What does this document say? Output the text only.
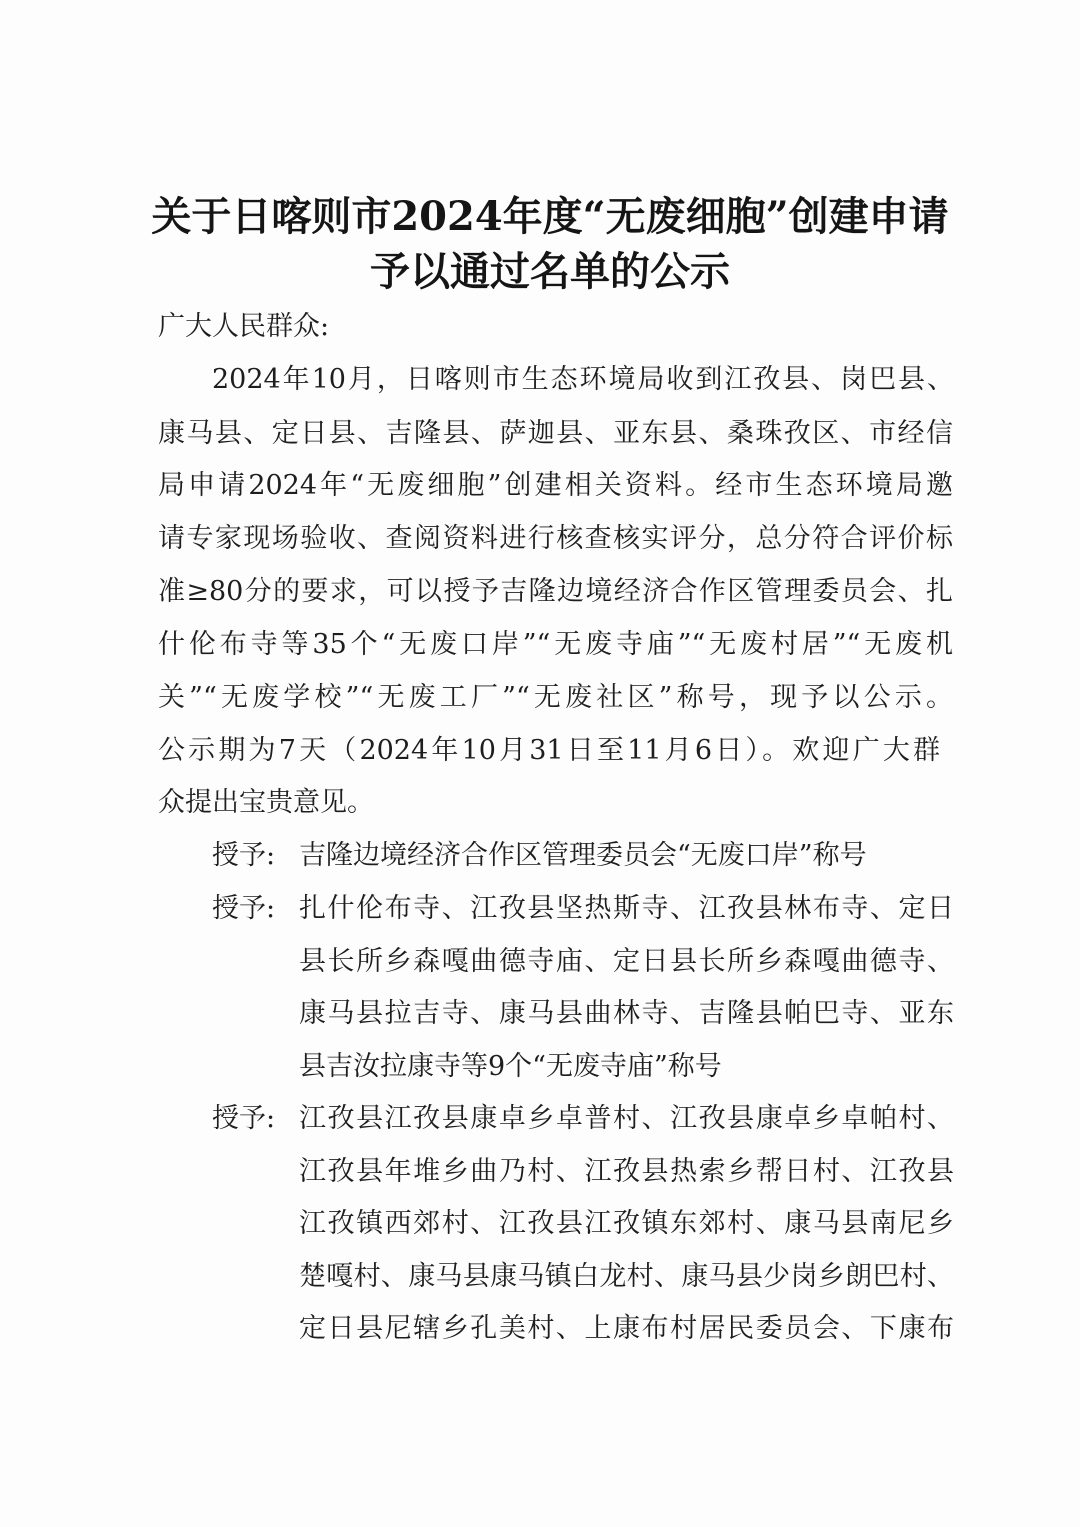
关于日喀则市2024年度“无废细胞”创建申请
予以通过名单的公示
广大人民群众:
2024年10月，日喀则市生态环境局收到江孜县、岗巴县、
康马县、定日县、吉隆县、萨迦县、亚东县、桑珠孜区、市经信
局申请2024年“无废细胞”创建相关资料。经市生态环境局邀
请专家现场验收、查阅资料进行核查核实评分，总分符合评价标
准≥80分的要求，可以授予吉隆边境经济合作区管理委员会、扎
什伦布寺等35个“无废口岸”“无废寺庙”“无废村居”“无废机
关”“无废学校”“无废工厂”“无废社区”称号，现予以公示。
公示期为7天（2024年10月31日至11月6日）。欢迎广大群
众提出宝贵意见。
授予: 吉隆边境经济合作区管理委员会“无废口岸”称号
授予: 扎什伦布寺、江孜县坚热斯寺、江孜县林布寺、定日
县长所乡森嘎曲德寺庙、定日县长所乡森嘎曲德寺、
康马县拉吉寺、康马县曲林寺、吉隆县帕巴寺、亚东
县吉汝拉康寺等9个“无废寺庙”称号
授予: 江孜县江孜县康卓乡卓普村、江孜县康卓乡卓帕村、
江孜县年堆乡曲乃村、江孜县热索乡帮日村、江孜县
江孜镇西郊村、江孜县江孜镇东郊村、康马县南尼乡
楚嘎村、康马县康马镇白龙村、康马县少岗乡朗巴村、
定日县尼辖乡孔美村、上康布村居民委员会、下康布
